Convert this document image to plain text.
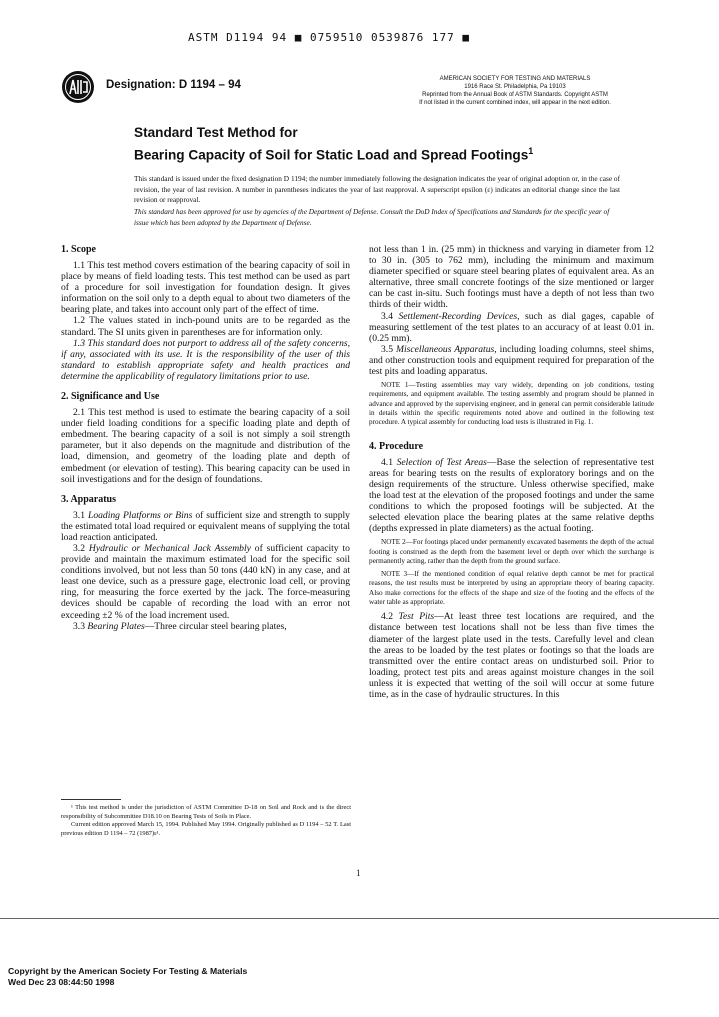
ASTM D1194 94 ■ 0759510 0539876 177 ■
Designation: D 1194 – 94	AMERICAN SOCIETY FOR TESTING AND MATERIALS
1916 Race St. Philadelphia, Pa 19103
Reprinted from the Annual Book of ASTM Standards. Copyright ASTM
If not listed in the current combined index, will appear in the next edition.
Standard Test Method for
Bearing Capacity of Soil for Static Load and Spread Footings$^1$
This standard is issued under the fixed designation D 1194; the number immediately following the designation indicates the year of original adoption or, in the case of revision, the year of last revision. A number in parentheses indicates the year of last reapproval. A superscript epsilon (ε) indicates an editorial change since the last revision or reapproval.
This standard has been approved for use by agencies of the Department of Defense. Consult the DoD Index of Specifications and Standards for the specific year of issue which has been adopted by the Department of Defense.
1. Scope

1.1 This test method covers estimation of the bearing capacity of soil in place by means of field loading tests. This test method can be used as part of a procedure for soil investigation for foundation design. It gives information on the soil only to a depth equal to about two diameters of the bearing plate, and takes into account only part of the effect of time.

1.2 The values stated in inch-pound units are to be regarded as the standard. The SI units given in parentheses are for information only.

1.3 This standard does not purport to address all of the safety concerns, if any, associated with its use. It is the responsibility of the user of this standard to establish appropriate safety and health practices and determine the applicability of regulatory limitations prior to use.

2. Significance and Use

2.1 This test method is used to estimate the bearing capacity of a soil under field loading conditions for a specific loading plate and depth of embedment. The bearing capacity of a soil is not simply a soil strength parameter, but it also depends on the magnitude and distribution of the load, dimension, and geometry of the loading plate and depth of embedment (or elevation of testing). This bearing capacity can be used in soil investigations and for the design of foundations.

3. Apparatus

3.1 Loading Platforms or Bins of sufficient size and strength to supply the estimated total load required or equivalent means of supplying the total load reaction anticipated.

3.2 Hydraulic or Mechanical Jack Assembly of sufficient capacity to provide and maintain the maximum estimated load for the specific soil conditions involved, but not less than 50 tons (440 kN) in any case, and at least one device, such as a pressure gage, electronic load cell, or proving ring, for measuring the force exerted by the jack. The force-measuring devices should be capable of recording the load with an error not exceeding ±2 % of the load increment used.

3.3 Bearing Plates—Three circular steel bearing plates,

not less than 1 in. (25 mm) in thickness and varying in diameter from 12 to 30 in. (305 to 762 mm), including the minimum and maximum diameter specified or square steel bearing plates of equivalent area. As an alternative, three small concrete footings of the size mentioned or larger can be cast in-situ. Such footings must have a depth of not less than two thirds of their width.

3.4 Settlement-Recording Devices, such as dial gages, capable of measuring settlement of the test plates to an accuracy of at least 0.01 in. (0.25 mm).

3.5 Miscellaneous Apparatus, including loading columns, steel shims, and other construction tools and equipment required for preparation of the test pits and loading apparatus.

NOTE 1—Testing assemblies may vary widely, depending on job conditions, testing requirements, and equipment available. The testing assembly and program should be planned in advance and approved by the supervising engineer, and in general can permit considerable latitude in details within the specific requirements noted above and outlined in the following test procedure. A typical assembly for conducting load tests is illustrated in Fig. 1.

4. Procedure

4.1 Selection of Test Areas—Base the selection of representative test areas for bearing tests on the results of exploratory borings and on the design requirements of the structure. Unless otherwise specified, make the load test at the elevation of the proposed footings and under the same conditions to which the proposed footings will be subjected. At the selected elevation place the bearing plates at the same relative depths (depths expressed in plate diameters) as the actual footing.

NOTE 2—For footings placed under permanently excavated basements the depth of the actual footing is construed as the depth from the basement level or depth over which the surcharge is permanently acting, rather than the depth from the ground surface.

NOTE 3—If the mentioned condition of equal relative depth cannot be met for practical reasons, the test results must be interpreted by using an appropriate theory of bearing capacity. Also make corrections for the effects of the shape and size of the footing and the effects of the water table as appropriate.

4.2 Test Pits—At least three test locations are required, and the distance between test locations shall not be less than five times the diameter of the largest plate used in the tests. Carefully level and clean the areas to be loaded by the test plates or footings so that the loads are transmitted over the entire contact areas on undisturbed soil. Prior to loading, protect test pits and areas against moisture changes in the soil unless it is expected that wetting of the soil will occur at some future time, as in the case of hydraulic structures. In this

¹ This test method is under the jurisdiction of ASTM Committee D-18 on Soil and Rock and is the direct responsibility of Subcommittee D18.10 on Bearing Tests of Soils in Place.

Current edition approved March 15, 1994. Published May 1994. Originally published as D 1194 – 52 T. Last previous edition D 1194 – 72 (1987)ε¹.

1
Copyright by the American Society For Testing & Materials
Wed Dec 23 08:44:50 1998
